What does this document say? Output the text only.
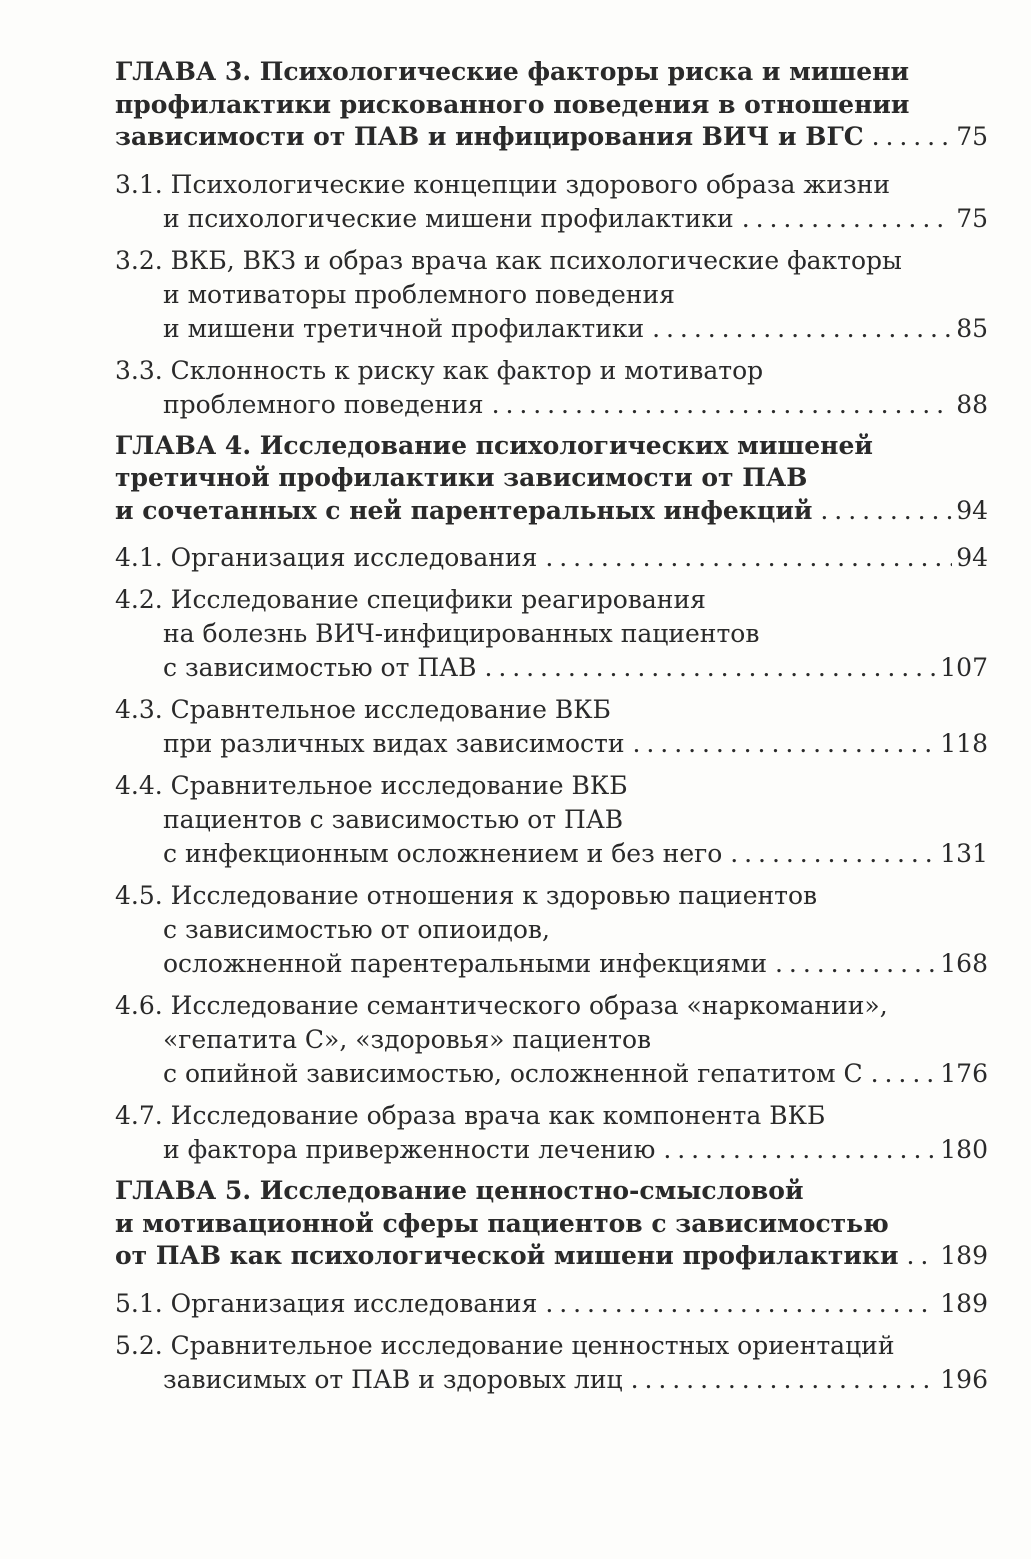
ГЛАВА 3. Психологические факторы риска и мишени
профилактики рискованного поведения в отношении
зависимости от ПАВ и инфицирования ВИЧ и ВГС . . .	75
3.1. Психологические концепции здорового образа жизни
и психологические мишени профилактики . . .	75
3.2. ВКБ, ВКЗ и образ врача как психологические факторы
и мотиваторы проблемного поведения
и мишени третичной профилактики . . .	85
3.3. Склонность к риску как фактор и мотиватор
проблемного поведения . . .	88
ГЛАВА 4. Исследование психологических мишеней
третичной профилактики зависимости от ПАВ
и сочетанных с ней парентеральных инфекций . . .	94
4.1. Организация исследования . . .	94
4.2. Исследование специфики реагирования
на болезнь ВИЧ-инфицированных пациентов
с зависимостью от ПАВ . . .	107
4.3. Сравнтельное исследование ВКБ
при различных видах зависимости . . .	118
4.4. Сравнительное исследование ВКБ
пациентов с зависимостью от ПАВ
с инфекционным осложнением и без него . . .	131
4.5. Исследование отношения к здоровью пациентов
с зависимостью от опиоидов,
осложненной парентеральными инфекциями . . .	168
4.6. Исследование семантического образа «наркомании»,
«гепатита С», «здоровья» пациентов
с опийной зависимостью, осложненной гепатитом С . . .	176
4.7. Исследование образа врача как компонента ВКБ
и фактора приверженности лечению . . .	180
ГЛАВА 5. Исследование ценностно-смысловой
и мотивационной сферы пациентов с зависимостью
от ПАВ как психологической мишени профилактики . . . 189
5.1. Организация исследования . . .	189
5.2. Сравнительное исследование ценностных ориентаций
зависимых от ПАВ и здоровых лиц . . .	196
